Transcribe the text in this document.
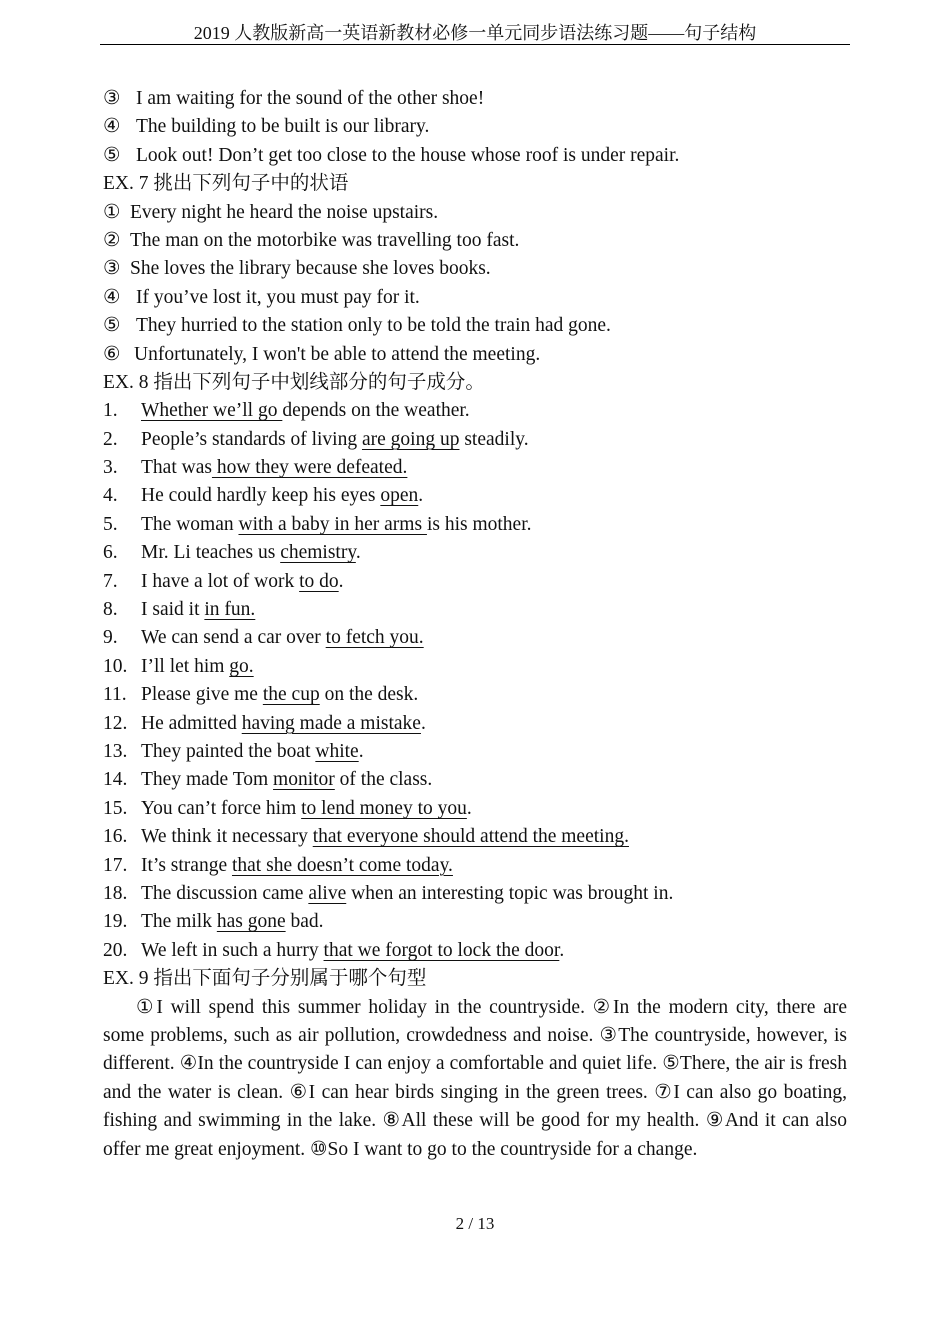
2019 人教版新高一英语新教材必修一单元同步语法练习题——句子结构
③ I am waiting for the sound of the other shoe!
④ The building to be built is our library.
⑤ Look out! Don’t get too close to the house whose roof is under repair.
EX. 7 挑出下列句子中的状语
① Every night he heard the noise upstairs.
② The man on the motorbike was travelling too fast.
③ She loves the library because she loves books.
④ If you’ve lost it, you must pay for it.
⑤ They hurried to the station only to be told the train had gone.
⑥ Unfortunately, I won't be able to attend the meeting.
EX. 8 指出下列句子中划线部分的句子成分。
1. Whether we’ll go depends on the weather.
2. People’s standards of living are going up steadily.
3. That was how they were defeated.
4. He could hardly keep his eyes open.
5. The woman with a baby in her arms is his mother.
6. Mr. Li teaches us chemistry.
7. I have a lot of work to do.
8. I said it in fun.
9. We can send a car over to fetch you.
10. I’ll let him go.
11. Please give me the cup on the desk.
12. He admitted having made a mistake.
13. They painted the boat white.
14. They made Tom monitor of the class.
15. You can’t force him to lend money to you.
16. We think it necessary that everyone should attend the meeting.
17. It’s strange that she doesn’t come today.
18. The discussion came alive when an interesting topic was brought in.
19. The milk has gone bad.
20. We left in such a hurry that we forgot to lock the door.
EX. 9 指出下面句子分别属于哪个句型

①I will spend this summer holiday in the countryside. ②In the modern city, there are some problems, such as air pollution, crowdedness and noise. ③The countryside, however, is different. ④In the countryside I can enjoy a comfortable and quiet life. ⑤There, the air is fresh and the water is clean. ⑥I can hear birds singing in the green trees. ⑦I can also go boating, fishing and swimming in the lake. ⑧All these will be good for my health. ⑨And it can also offer me great enjoyment. ⑩So I want to go to the countryside for a change.

2 / 13
